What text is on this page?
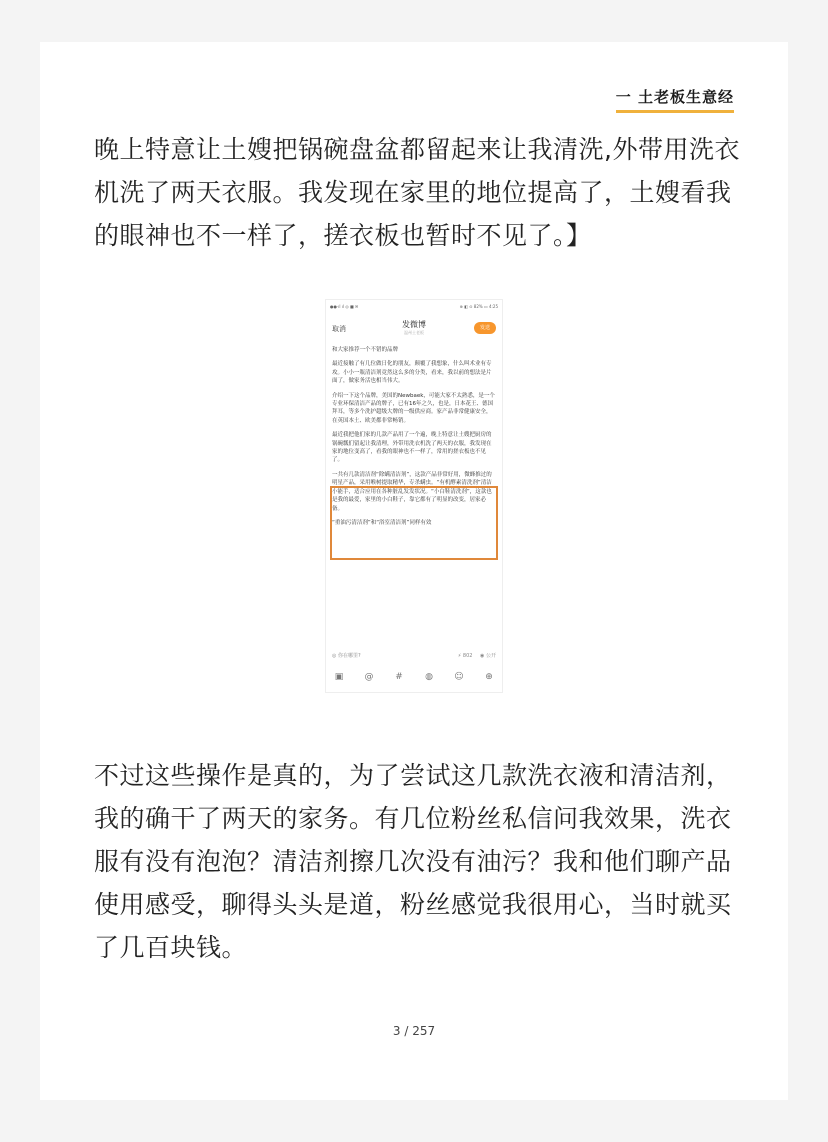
一 土老板生意经

晚上特意让土嫂把锅碗盘盆都留起来让我清洗,外带用洗衣机洗了两天衣服。我发现在家里的地位提高了，土嫂看我的眼神也不一样了，搓衣板也暂时不见了。】

●●·ıl ıl ◎ ■ ✉	⊕ ◧ ⊙ 82% ▭ 4:25
取消	发微博
温州土老板
发送

和大家推荐一个不错的品牌

最近接触了有几位做日化的朋友，颠覆了我想象，什么叫术业有专攻。小小一瓶清洁剂竟然这么多的分类，看来，我以前的想法是片面了，做家务活也相当伟大。

介绍一下这个品牌，美国的Newbaek，可能大家不太熟悉，是一个专业环保清洁产品的牌子，已有16年之久，也是，日本花王、德国拜耳，等多个洗护超级大牌的一级供应商。家产品非常健康安全，在英国本土、欧美都非常畅销。

最近我把他们家的几款产品用了一个遍，晚上特意让土嫂把厨房的锅碗瓢们留起让我清理，外带用洗衣机洗了两天的衣服，我发现在家的地位变高了，看我的眼神也不一样了，常用的搓衣板也不见了。

一共有几款清洁剂“除螨清洁剂”，这款产品非常好用，微蜂推过的明星产品，采用喉树提取精华，专杀螨虫。“有机酵素清洗剂”清洁小能手，适合应用在各种脏乱发发状况。“小白鞋清洗剂”，这款也是我的最爱，家里的小白鞋子，靠它都有了明显的改变，居家必备。

“重油污清洁剂”和“浴室清洁剂”同样有效

◎ 你在哪里?	⚡ 802 ◉ 公开
▣	@	#	◍	☺	⊕

不过这些操作是真的，为了尝试这几款洗衣液和清洁剂，我的确干了两天的家务。有几位粉丝私信问我效果，洗衣服有没有泡泡？清洁剂擦几次没有油污？我和他们聊产品使用感受，聊得头头是道，粉丝感觉我很用心，当时就买了几百块钱。

3 / 257
